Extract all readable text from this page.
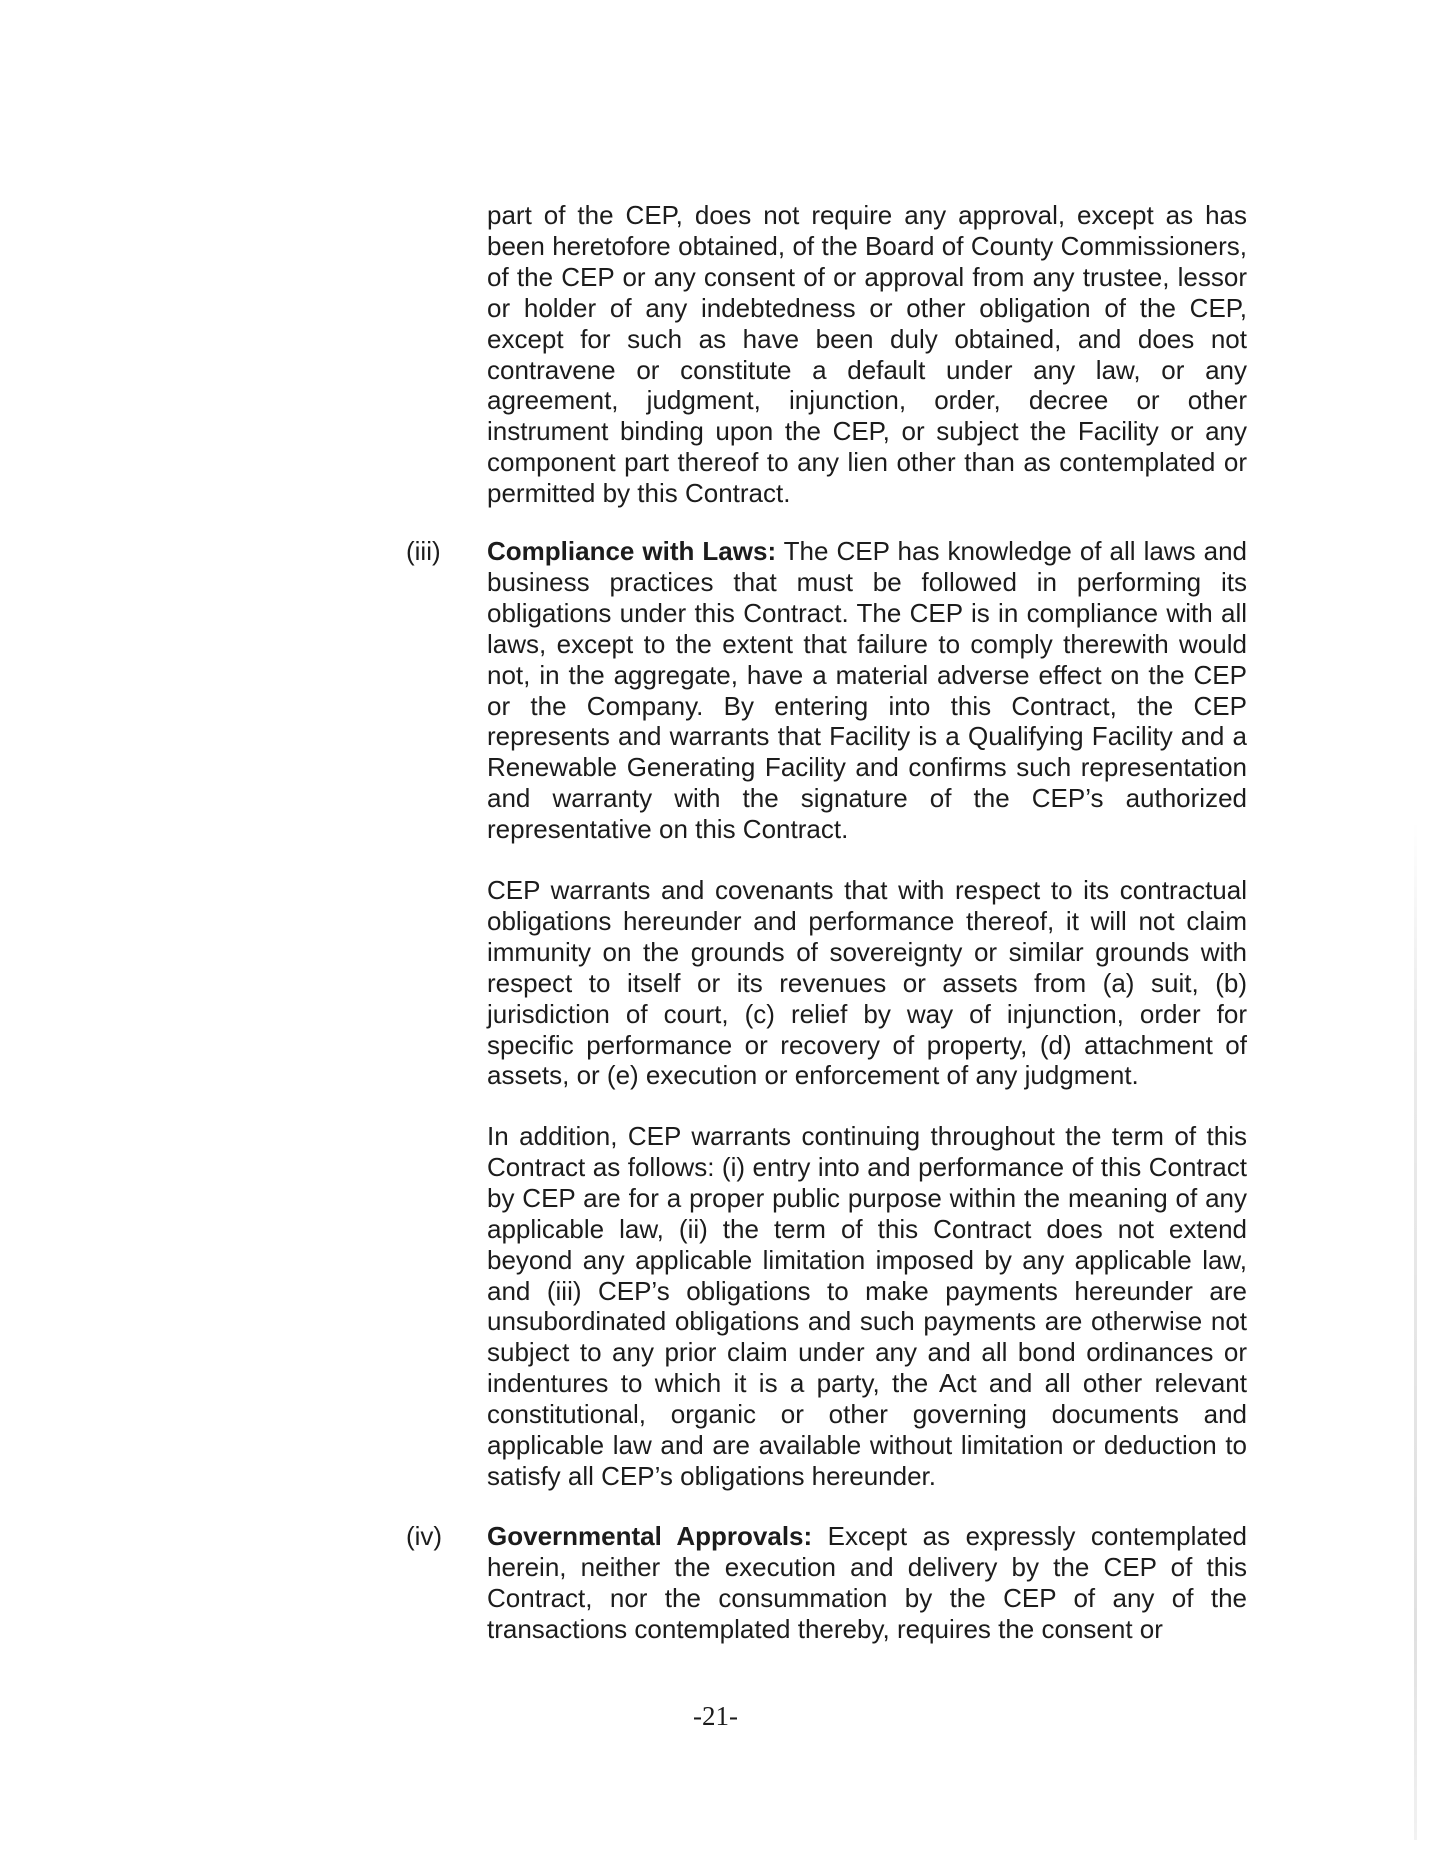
part of the CEP, does not require any approval, except as has been heretofore obtained, of the Board of County Commissioners, of the CEP or any consent of or approval from any trustee, lessor or holder of any indebtedness or other obligation of the CEP, except for such as have been duly obtained, and does not contravene or constitute a default under any law, or any agreement, judgment, injunction, order, decree or other instrument binding upon the CEP, or subject the Facility or any component part thereof to any lien other than as contemplated or permitted by this Contract.

(iii) Compliance with Laws: The CEP has knowledge of all laws and business practices that must be followed in performing its obligations under this Contract. The CEP is in compliance with all laws, except to the extent that failure to comply therewith would not, in the aggregate, have a material adverse effect on the CEP or the Company. By entering into this Contract, the CEP represents and warrants that Facility is a Qualifying Facility and a Renewable Generating Facility and confirms such representation and warranty with the signature of the CEP’s authorized representative on this Contract.

CEP warrants and covenants that with respect to its contractual obligations hereunder and performance thereof, it will not claim immunity on the grounds of sovereignty or similar grounds with respect to itself or its revenues or assets from (a) suit, (b) jurisdiction of court, (c) relief by way of injunction, order for specific performance or recovery of property, (d) attachment of assets, or (e) execution or enforcement of any judgment.

In addition, CEP warrants continuing throughout the term of this Contract as follows: (i) entry into and performance of this Contract by CEP are for a proper public purpose within the meaning of any applicable law, (ii) the term of this Contract does not extend beyond any applicable limitation imposed by any applicable law, and (iii) CEP’s obligations to make payments hereunder are unsubordinated obligations and such payments are otherwise not subject to any prior claim under any and all bond ordinances or indentures to which it is a party, the Act and all other relevant constitutional, organic or other governing documents and applicable law and are available without limitation or deduction to satisfy all CEP’s obligations hereunder.

(iv) Governmental Approvals: Except as expressly contemplated herein, neither the execution and delivery by the CEP of this Contract, nor the consummation by the CEP of any of the transactions contemplated thereby, requires the consent or

-21-
